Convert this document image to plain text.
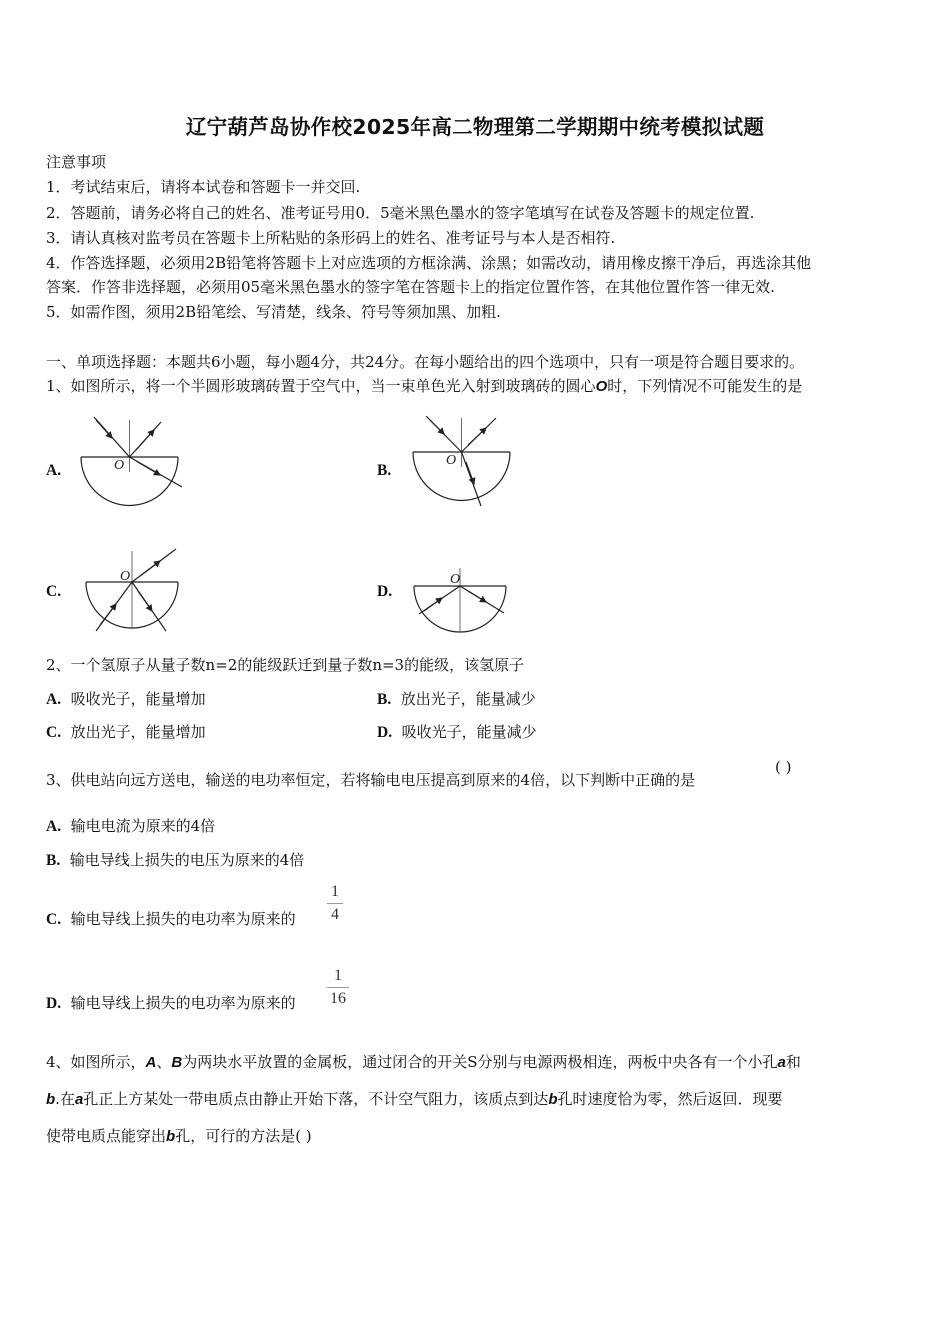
辽宁葫芦岛协作校2025年高二物理第二学期期中统考模拟试题
注意事项
1．考试结束后，请将本试卷和答题卡一并交回.
2．答题前，请务必将自己的姓名、准考证号用0．5毫米黑色墨水的签字笔填写在试卷及答题卡的规定位置.
3．请认真核对监考员在答题卡上所粘贴的条形码上的姓名、准考证号与本人是否相符.
4．作答选择题，必须用2B铅笔将答题卡上对应选项的方框涂满、涂黑；如需改动，请用橡皮擦干净后，再选涂其他
答案．作答非选择题，必须用05毫米黑色墨水的签字笔在答题卡上的指定位置作答，在其他位置作答一律无效.
5．如需作图，须用2B铅笔绘、写清楚，线条、符号等须加黑、加粗.
一、单项选择题：本题共6小题，每小题4分，共24分。在每小题给出的四个选项中，只有一项是符合题目要求的。
1、如图所示，将一个半圆形玻璃砖置于空气中，当一束单色光入射到玻璃砖的圆心O时，下列情况不可能发生的是
A.	B.
C.	D.
O	O
O	O
2、一个氢原子从量子数n=2的能级跃迁到量子数n=3的能级，该氢原子
A. 吸收光子，能量增加	B. 放出光子，能量减少
C. 放出光子，能量增加	D. 吸收光子，能量减少
3、供电站向远方送电，输送的电功率恒定，若将输电电压提高到原来的4倍，以下判断中正确的是
( )
A. 输电电流为原来的4倍
B. 输电导线上损失的电压为原来的4倍
C. 输电导线上损失的电功率为原来的
1
4
D. 输电导线上损失的电功率为原来的
1
16
4、如图所示，A、B为两块水平放置的金属板，通过闭合的开关S分别与电源两极相连，两板中央各有一个小孔a和
b.在a孔正上方某处一带电质点由静止开始下落，不计空气阻力，该质点到达b孔时速度恰为零，然后返回．现要
使带电质点能穿出b孔，可行的方法是( )
